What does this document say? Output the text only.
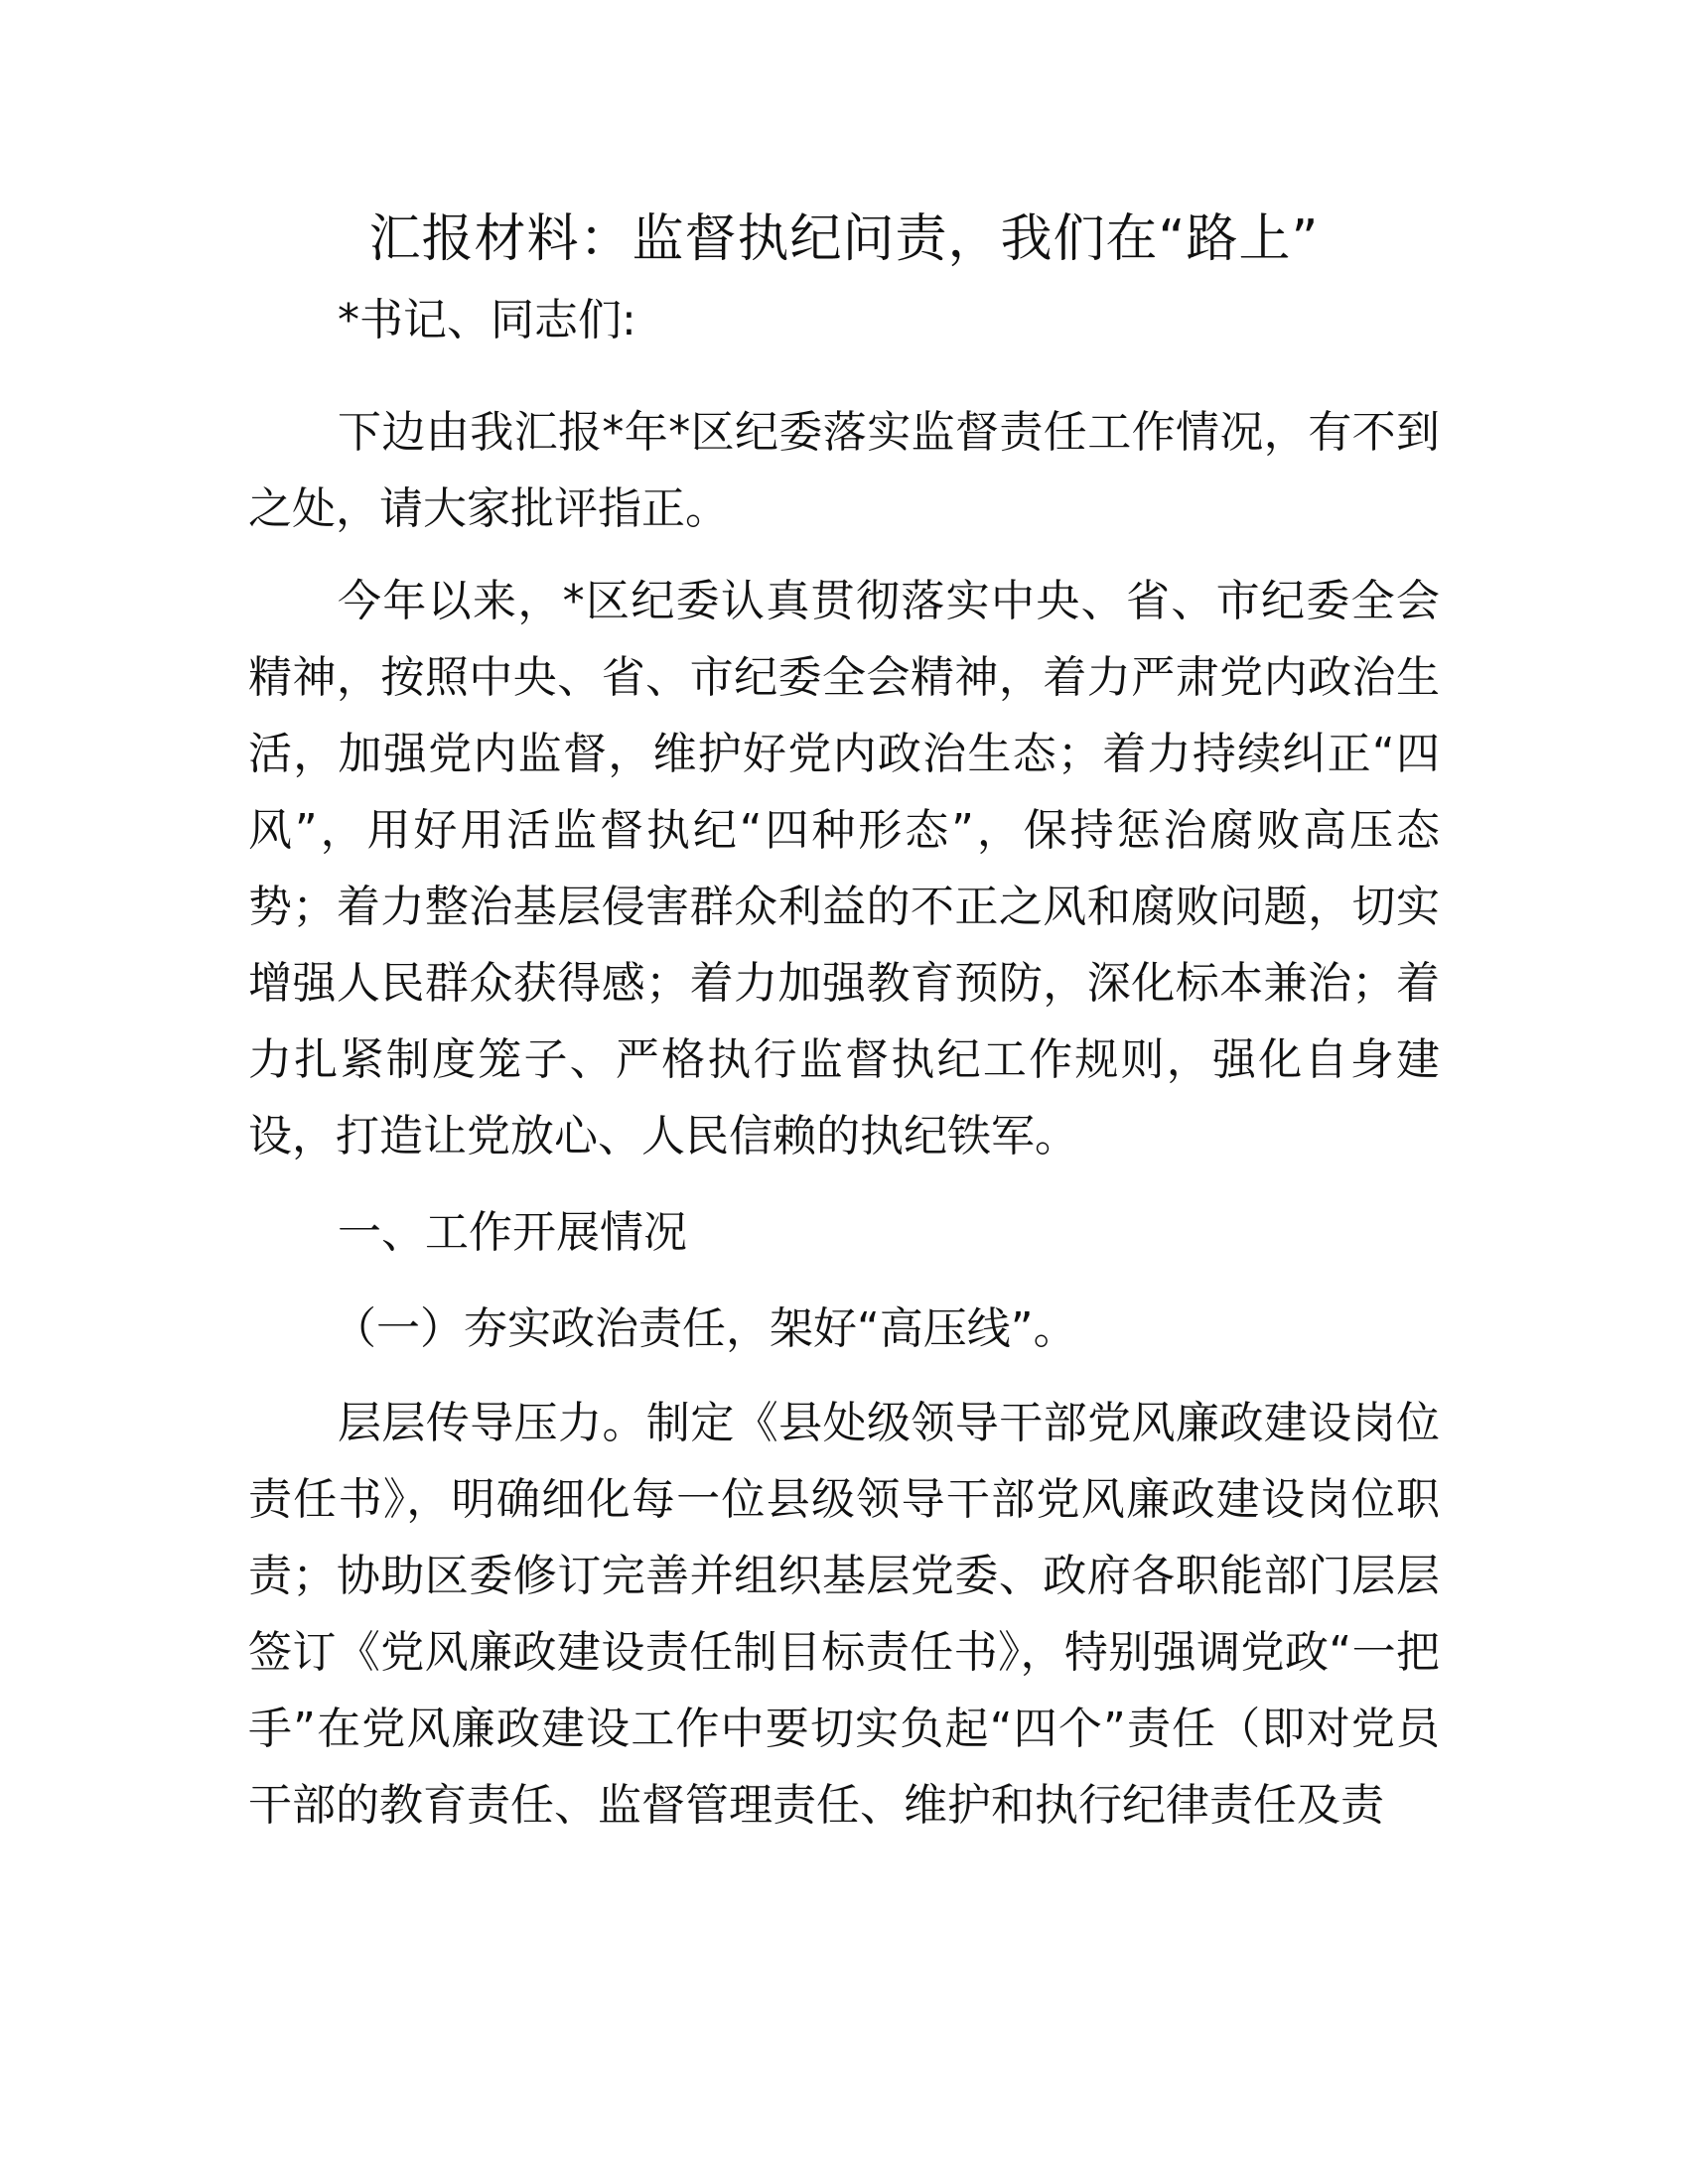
汇报材料：监督执纪问责，我们在“路上”

*书记、同志们:

下边由我汇报*年*区纪委落实监督责任工作情况，有不到之处，请大家批评指正。

今年以来，*区纪委认真贯彻落实中央、省、市纪委全会精神，按照中央、省、市纪委全会精神，着力严肃党内政治生活，加强党内监督，维护好党内政治生态；着力持续纠正“四风”，用好用活监督执纪“四种形态”，保持惩治腐败高压态势；着力整治基层侵害群众利益的不正之风和腐败问题，切实增强人民群众获得感；着力加强教育预防，深化标本兼治；着力扎紧制度笼子、严格执行监督执纪工作规则，强化自身建设，打造让党放心、人民信赖的执纪铁军。

一、工作开展情况
（一）夯实政治责任，架好“高压线”。

层层传导压力。制定《县处级领导干部党风廉政建设岗位责任书》，明确细化每一位县级领导干部党风廉政建设岗位职责；协助区委修订完善并组织基层党委、政府各职能部门层层签订《党风廉政建设责任制目标责任书》，特别强调党政“一把手”在党风廉政建设工作中要切实负起“四个”责任（即对党员干部的教育责任、监督管理责任、维护和执行纪律责任及责
